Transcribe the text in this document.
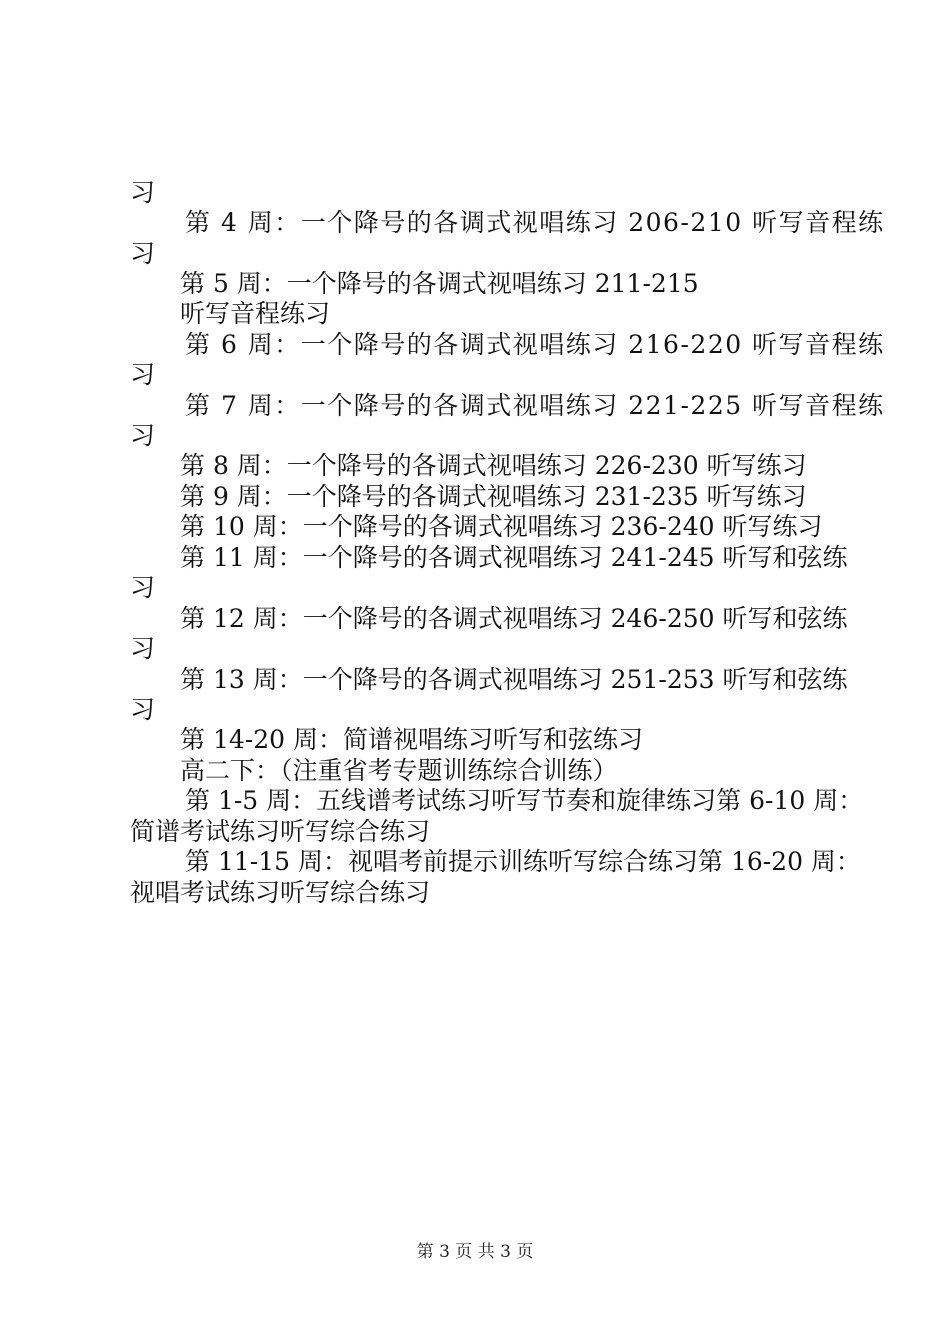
习
第 4 周：一个降号的各调式视唱练习 206-210 听写音程练
习
第 5 周：一个降号的各调式视唱练习 211-215
听写音程练习
第 6 周：一个降号的各调式视唱练习 216-220 听写音程练
习
第 7 周：一个降号的各调式视唱练习 221-225 听写音程练
习
第 8 周：一个降号的各调式视唱练习 226-230 听写练习
第 9 周：一个降号的各调式视唱练习 231-235 听写练习
第 10 周：一个降号的各调式视唱练习 236-240 听写练习
第 11 周：一个降号的各调式视唱练习 241-245 听写和弦练
习
第 12 周：一个降号的各调式视唱练习 246-250 听写和弦练
习
第 13 周：一个降号的各调式视唱练习 251-253 听写和弦练
习
第 14-20 周：简谱视唱练习听写和弦练习
高二下：（注重省考专题训练综合训练）
第 1-5 周：五线谱考试练习听写节奏和旋律练习第 6-10 周：
简谱考试练习听写综合练习
第 11-15 周：视唱考前提示训练听写综合练习第 16-20 周：
视唱考试练习听写综合练习
第 3 页 共 3 页
